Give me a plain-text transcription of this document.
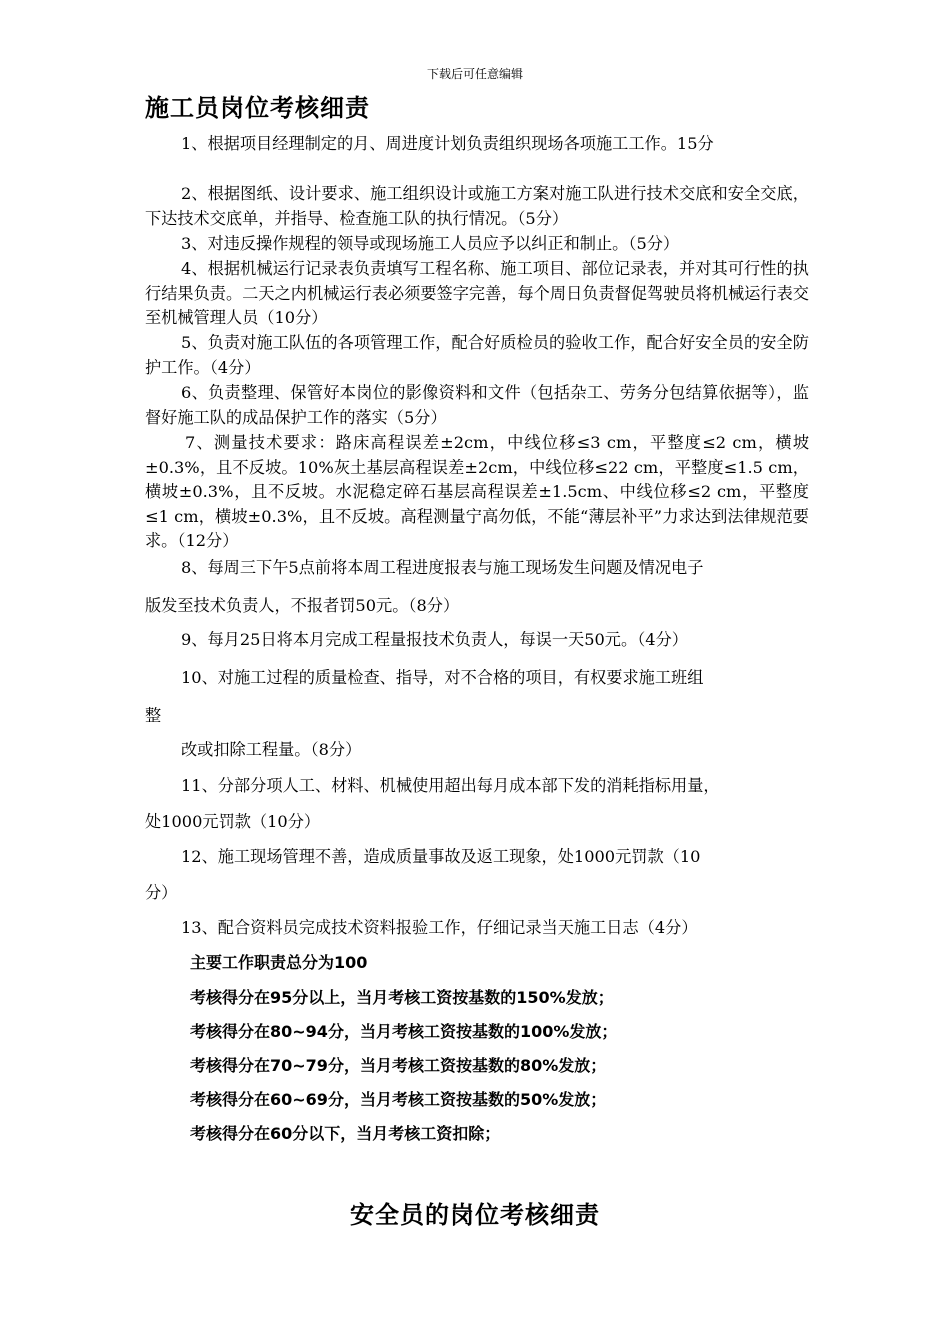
下载后可任意编辑
施工员岗位考核细责
1、根据项目经理制定的月、周进度计划负责组织现场各项施工工作。15分
2、根据图纸、设计要求、施工组织设计或施工方案对施工队进行技术交底和安全交底，下达技术交底单，并指导、检查施工队的执行情况。（5分）
3、对违反操作规程的领导或现场施工人员应予以纠正和制止。（5分）
4、根据机械运行记录表负责填写工程名称、施工项目、部位记录表，并对其可行性的执行结果负责。二天之内机械运行表必须要签字完善，每个周日负责督促驾驶员将机械运行表交至机械管理人员（10分）
5、负责对施工队伍的各项管理工作，配合好质检员的验收工作，配合好安全员的安全防护工作。（4分）
6、负责整理、保管好本岗位的影像资料和文件（包括杂工、劳务分包结算依据等），监督好施工队的成品保护工作的落实（5分）
7、测量技术要求：路床高程误差±2cm，中线位移≤3 cm，平整度≤2 cm，横坡±0.3%，且不反坡。10%灰土基层高程误差±2cm，中线位移≤22 cm，平整度≤1.5 cm，横坡±0.3%，且不反坡。水泥稳定碎石基层高程误差±1.5cm、中线位移≤2 cm，平整度≤1 cm，横坡±0.3%，且不反坡。高程测量宁高勿低，不能“薄层补平”力求达到法律规范要求。（12分）
8、每周三下午5点前将本周工程进度报表与施工现场发生问题及情况电子
版发至技术负责人，不报者罚50元。（8分）
9、每月25日将本月完成工程量报技术负责人，每误一天50元。（4分）
10、对施工过程的质量检查、指导，对不合格的项目，有权要求施工班组
整
改或扣除工程量。（8分）
11、分部分项人工、材料、机械使用超出每月成本部下发的消耗指标用量，
处1000元罚款（10分）
12、施工现场管理不善，造成质量事故及返工现象，处1000元罚款（10
分）
13、配合资料员完成技术资料报验工作，仔细记录当天施工日志（4分）
主要工作职责总分为100
考核得分在95分以上，当月考核工资按基数的150%发放；
考核得分在80~94分，当月考核工资按基数的100%发放；
考核得分在70~79分，当月考核工资按基数的80%发放；
考核得分在60~69分，当月考核工资按基数的50%发放；
考核得分在60分以下，当月考核工资扣除；
安全员的岗位考核细责
